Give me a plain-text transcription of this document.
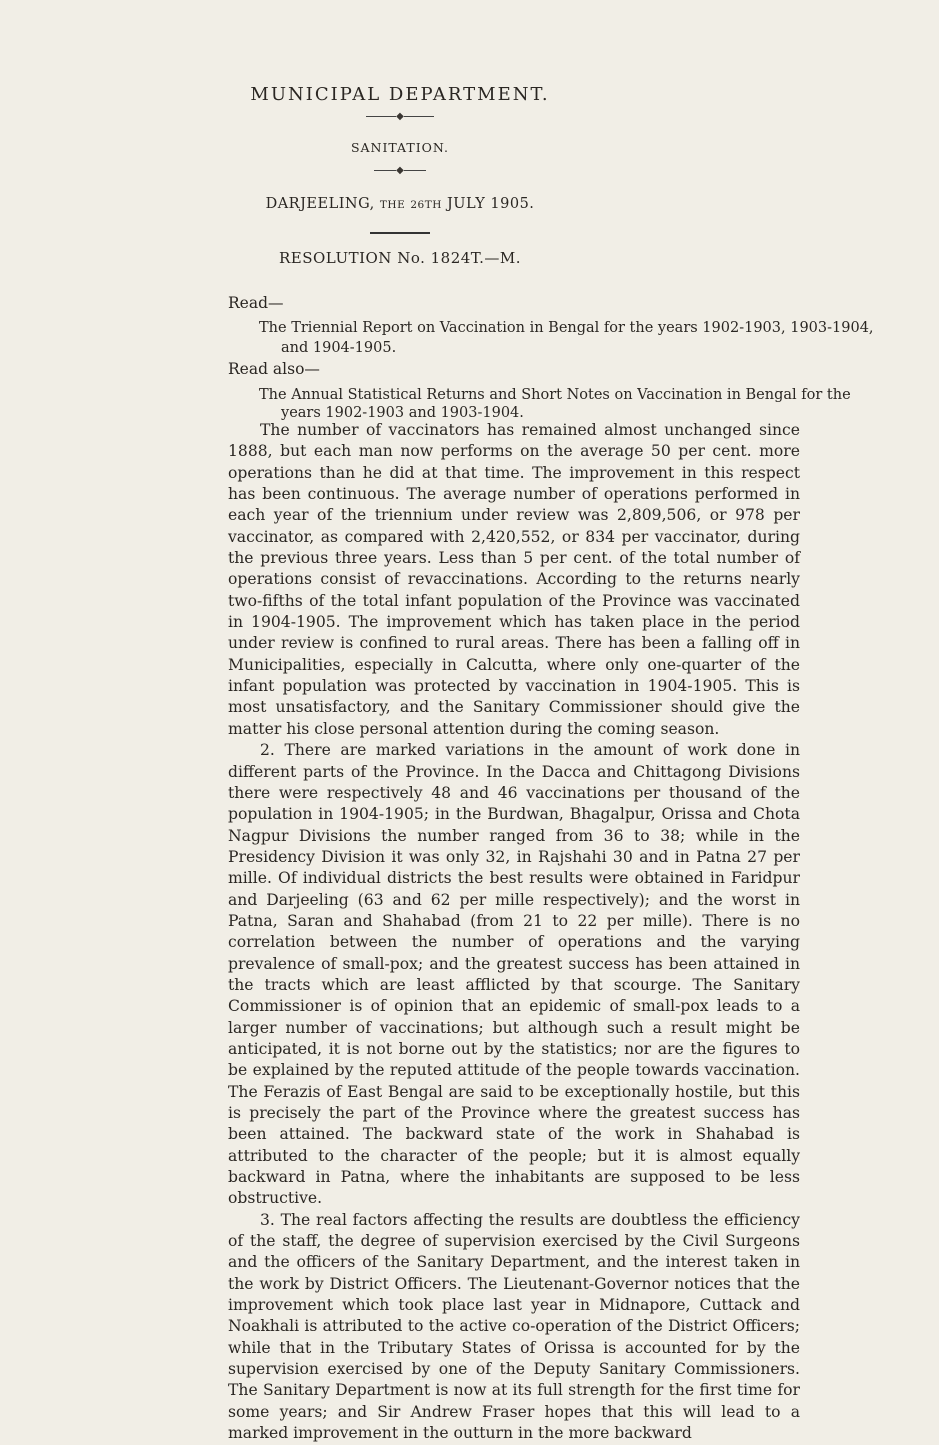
MUNICIPAL DEPARTMENT.
◆
SANITATION.
◆
DARJEELING, THE 26TH JULY 1905.
RESOLUTION No. 1824T.—M.
Read—
The Triennial Report on Vaccination in Bengal for the years 1902-1903, 1903-1904,
and 1904-1905.
Read also—
The Annual Statistical Returns and Short Notes on Vaccination in Bengal for the
years 1902-1903 and 1903-1904.

The number of vaccinators has remained almost unchanged since 1888, but each man now performs on the average 50 per cent. more operations than he did at that time. The improvement in this respect has been continuous. The average number of operations performed in each year of the triennium under review was 2,809,506, or 978 per vaccinator, as compared with 2,420,552, or 834 per vaccinator, during the previous three years. Less than 5 per cent. of the total number of operations consist of revaccinations. According to the returns nearly two-fifths of the total infant population of the Province was vaccinated in 1904-1905. The improvement which has taken place in the period under review is confined to rural areas. There has been a falling off in Municipalities, especially in Calcutta, where only one-quarter of the infant population was protected by vaccination in 1904-1905. This is most unsatisfactory, and the Sanitary Commissioner should give the matter his close personal attention during the coming season.

2. There are marked variations in the amount of work done in different parts of the Province. In the Dacca and Chittagong Divisions there were respectively 48 and 46 vaccinations per thousand of the population in 1904-1905; in the Burdwan, Bhagalpur, Orissa and Chota Nagpur Divisions the number ranged from 36 to 38; while in the Presidency Division it was only 32, in Rajshahi 30 and in Patna 27 per mille. Of individual districts the best results were obtained in Faridpur and Darjeeling (63 and 62 per mille respectively); and the worst in Patna, Saran and Shahabad (from 21 to 22 per mille). There is no correlation between the number of operations and the varying prevalence of small-pox; and the greatest success has been attained in the tracts which are least afflicted by that scourge. The Sanitary Commissioner is of opinion that an epidemic of small-pox leads to a larger number of vaccinations; but although such a result might be anticipated, it is not borne out by the statistics; nor are the figures to be explained by the reputed attitude of the people towards vaccination. The Ferazis of East Bengal are said to be exceptionally hostile, but this is precisely the part of the Province where the greatest success has been attained. The backward state of the work in Shahabad is attributed to the character of the people; but it is almost equally backward in Patna, where the inhabitants are supposed to be less obstructive.

3. The real factors affecting the results are doubtless the efficiency of the staff, the degree of supervision exercised by the Civil Surgeons and the officers of the Sanitary Department, and the interest taken in the work by District Officers. The Lieutenant-Governor notices that the improvement which took place last year in Midnapore, Cuttack and Noakhali is attributed to the active co-operation of the District Officers; while that in the Tributary States of Orissa is accounted for by the supervision exercised by one of the Deputy Sanitary Commissioners. The Sanitary Department is now at its full strength for the first time for some years; and Sir Andrew Fraser hopes that this will lead to a marked improvement in the outturn in the more backward
